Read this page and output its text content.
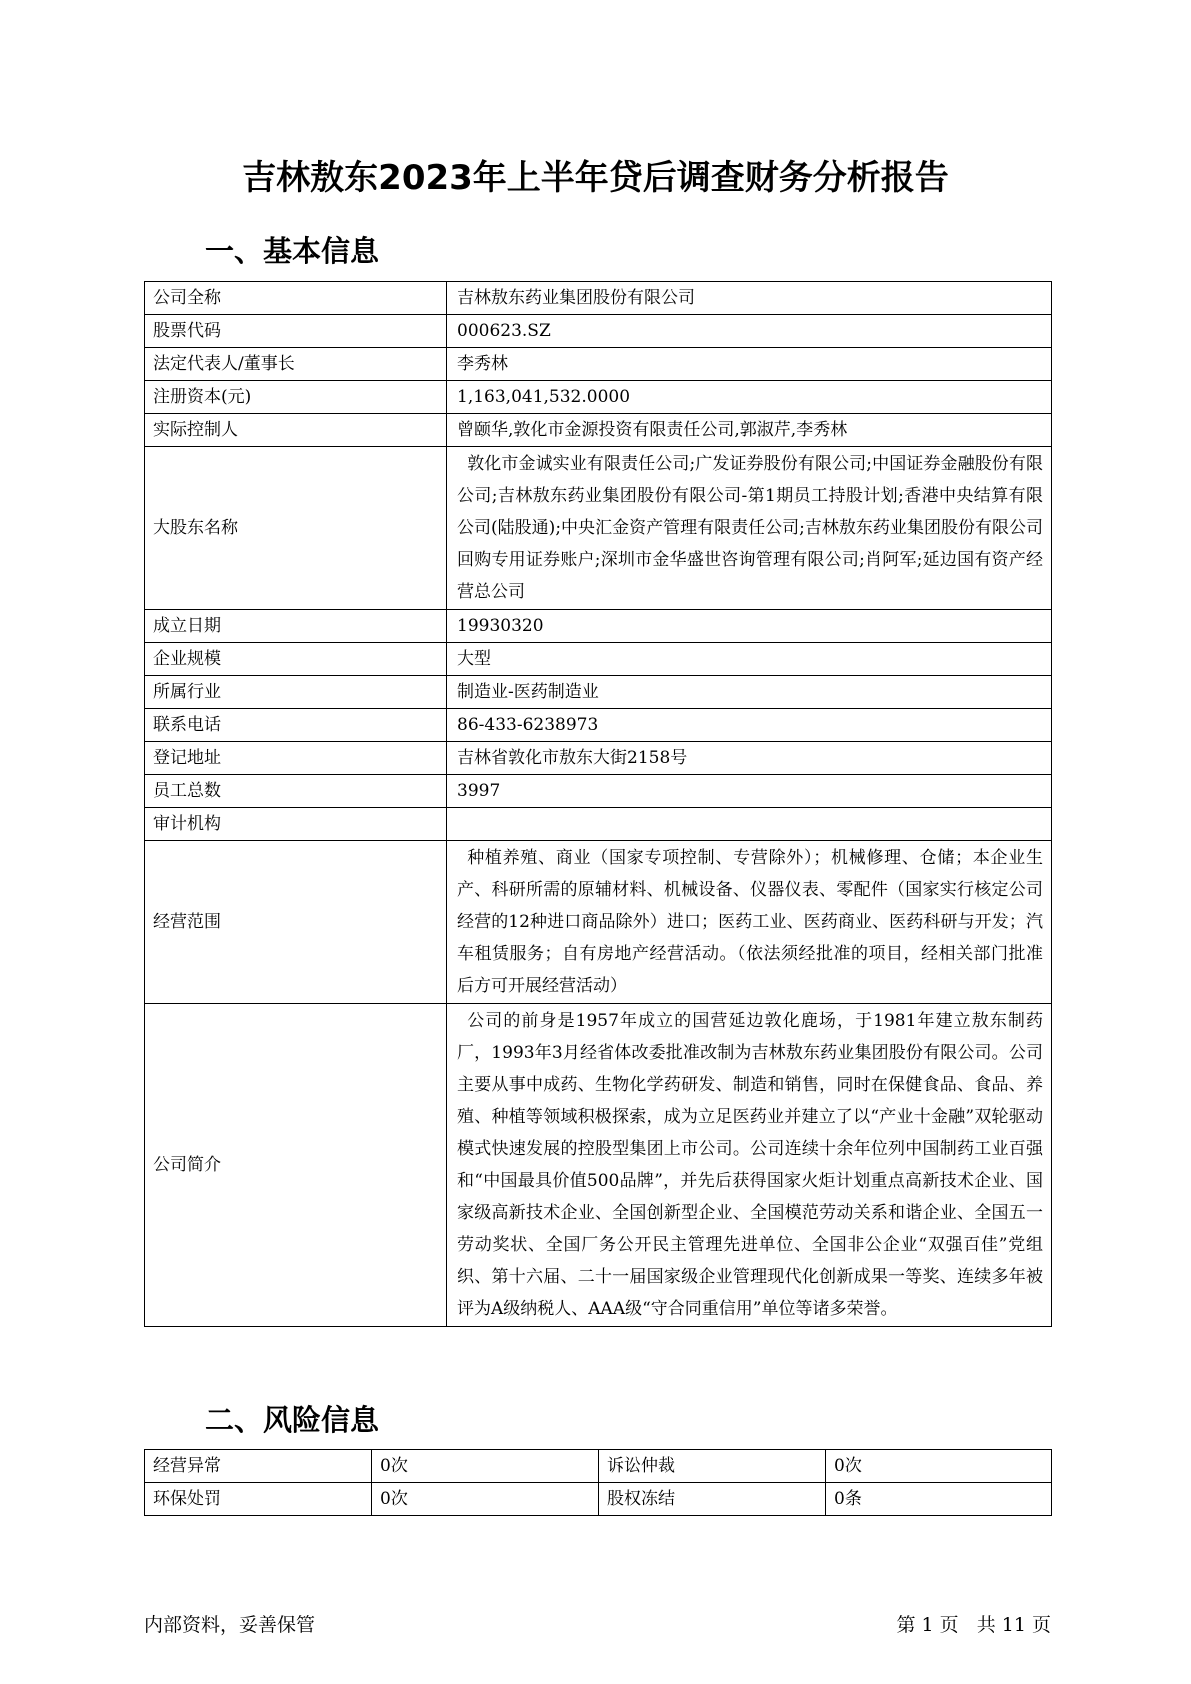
吉林敖东2023年上半年贷后调查财务分析报告
一、基本信息
公司全称	吉林敖东药业集团股份有限公司
股票代码	000623.SZ
法定代表人/董事长	李秀林
注册资本(元)	1,163,041,532.0000
实际控制人	曾颐华,敦化市金源投资有限责任公司,郭淑芹,李秀林
大股东名称	敦化市金诚实业有限责任公司;广发证券股份有限公司;中国证券金融股份有限公司;吉林敖东药业集团股份有限公司-第1期员工持股计划;香港中央结算有限公司(陆股通);中央汇金资产管理有限责任公司;吉林敖东药业集团股份有限公司回购专用证券账户;深圳市金华盛世咨询管理有限公司;肖阿军;延边国有资产经营总公司
成立日期	19930320
企业规模	大型
所属行业	制造业-医药制造业
联系电话	86-433-6238973
登记地址	吉林省敦化市敖东大街2158号
员工总数	3997
审计机构	
经营范围	种植养殖、商业（国家专项控制、专营除外）；机械修理、仓储；本企业生产、科研所需的原辅材料、机械设备、仪器仪表、零配件（国家实行核定公司经营的12种进口商品除外）进口；医药工业、医药商业、医药科研与开发；汽车租赁服务；自有房地产经营活动。（依法须经批准的项目，经相关部门批准后方可开展经营活动）
公司简介	公司的前身是1957年成立的国营延边敦化鹿场，于1981年建立敖东制药厂，1993年3月经省体改委批准改制为吉林敖东药业集团股份有限公司。公司主要从事中成药、生物化学药研发、制造和销售，同时在保健食品、食品、养殖、种植等领域积极探索，成为立足医药业并建立了以“产业十金融”双轮驱动模式快速发展的控股型集团上市公司。公司连续十余年位列中国制药工业百强和“中国最具价值500品牌”，并先后获得国家火炬计划重点高新技术企业、国家级高新技术企业、全国创新型企业、全国模范劳动关系和谐企业、全国五一劳动奖状、全国厂务公开民主管理先进单位、全国非公企业“双强百佳”党组织、第十六届、二十一届国家级企业管理现代化创新成果一等奖、连续多年被评为A级纳税人、AAA级“守合同重信用”单位等诸多荣誉。
二、风险信息
经营异常	0次	诉讼仲裁	0次
环保处罚	0次	股权冻结	0条
内部资料，妥善保管	第 1 页   共 11 页
